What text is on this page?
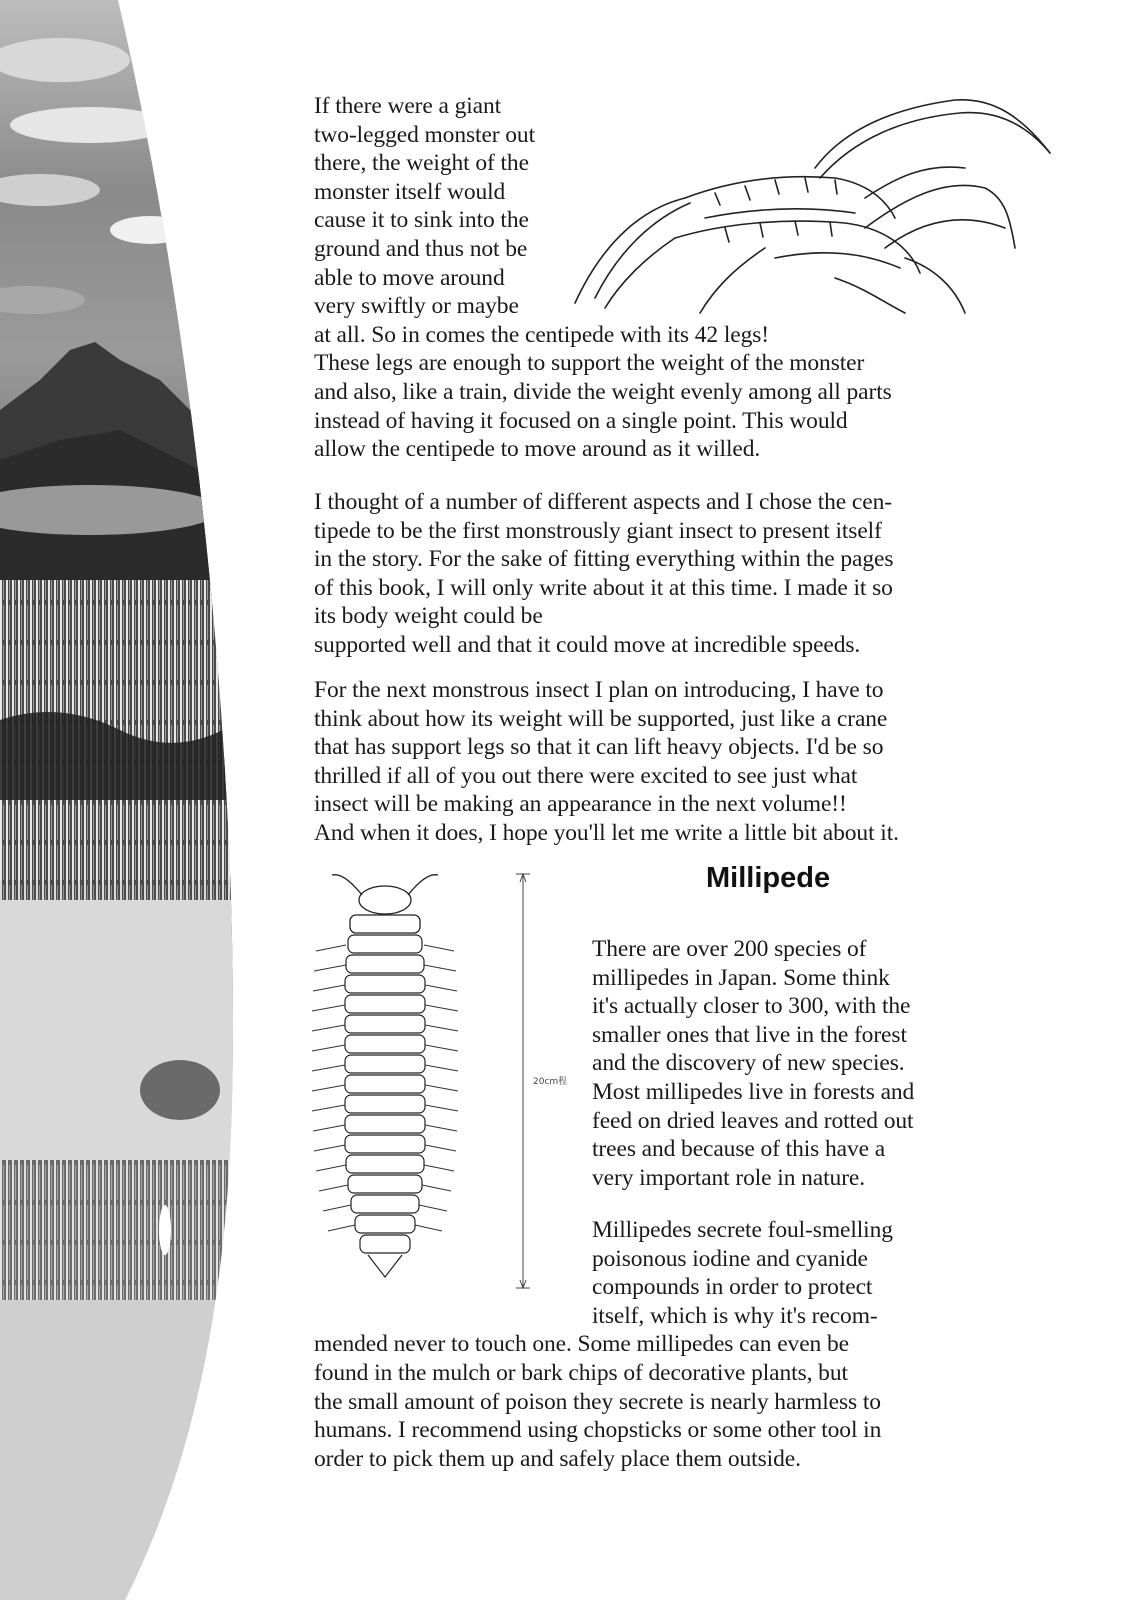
20cm程
If there were a giant
two-legged monster out
there, the weight of the
monster itself would
cause it to sink into the
ground and thus not be
able to move around
very swiftly or maybe
at all. So in comes the centipede with its 42 legs!
These legs are enough to support the weight of the monster
and also, like a train, divide the weight evenly among all parts
instead of having it focused on a single point. This would
allow the centipede to move around as it willed.
I thought of a number of different aspects and I chose the cen-
tipede to be the first monstrously giant insect to present itself
in the story. For the sake of fitting everything within the pages
of this book, I will only write about it at this time. I made it so
its body weight could be
supported well and that it could move at incredible speeds.
For the next monstrous insect I plan on introducing, I have to
think about how its weight will be supported, just like a crane
that has support legs so that it can lift heavy objects. I'd be so
thrilled if all of you out there were excited to see just what
insect will be making an appearance in the next volume!!
And when it does, I hope you'll let me write a little bit about it.
Millipede
There are over 200 species of
millipedes in Japan. Some think
it's actually closer to 300, with the
smaller ones that live in the forest
and the discovery of new species.
Most millipedes live in forests and
feed on dried leaves and rotted out
trees and because of this have a
very important role in nature.
Millipedes secrete foul-smelling
poisonous iodine and cyanide
compounds in order to protect
itself, which is why it's recom-
mended never to touch one. Some millipedes can even be
found in the mulch or bark chips of decorative plants, but
the small amount of poison they secrete is nearly harmless to
humans. I recommend using chopsticks or some other tool in
order to pick them up and safely place them outside.
